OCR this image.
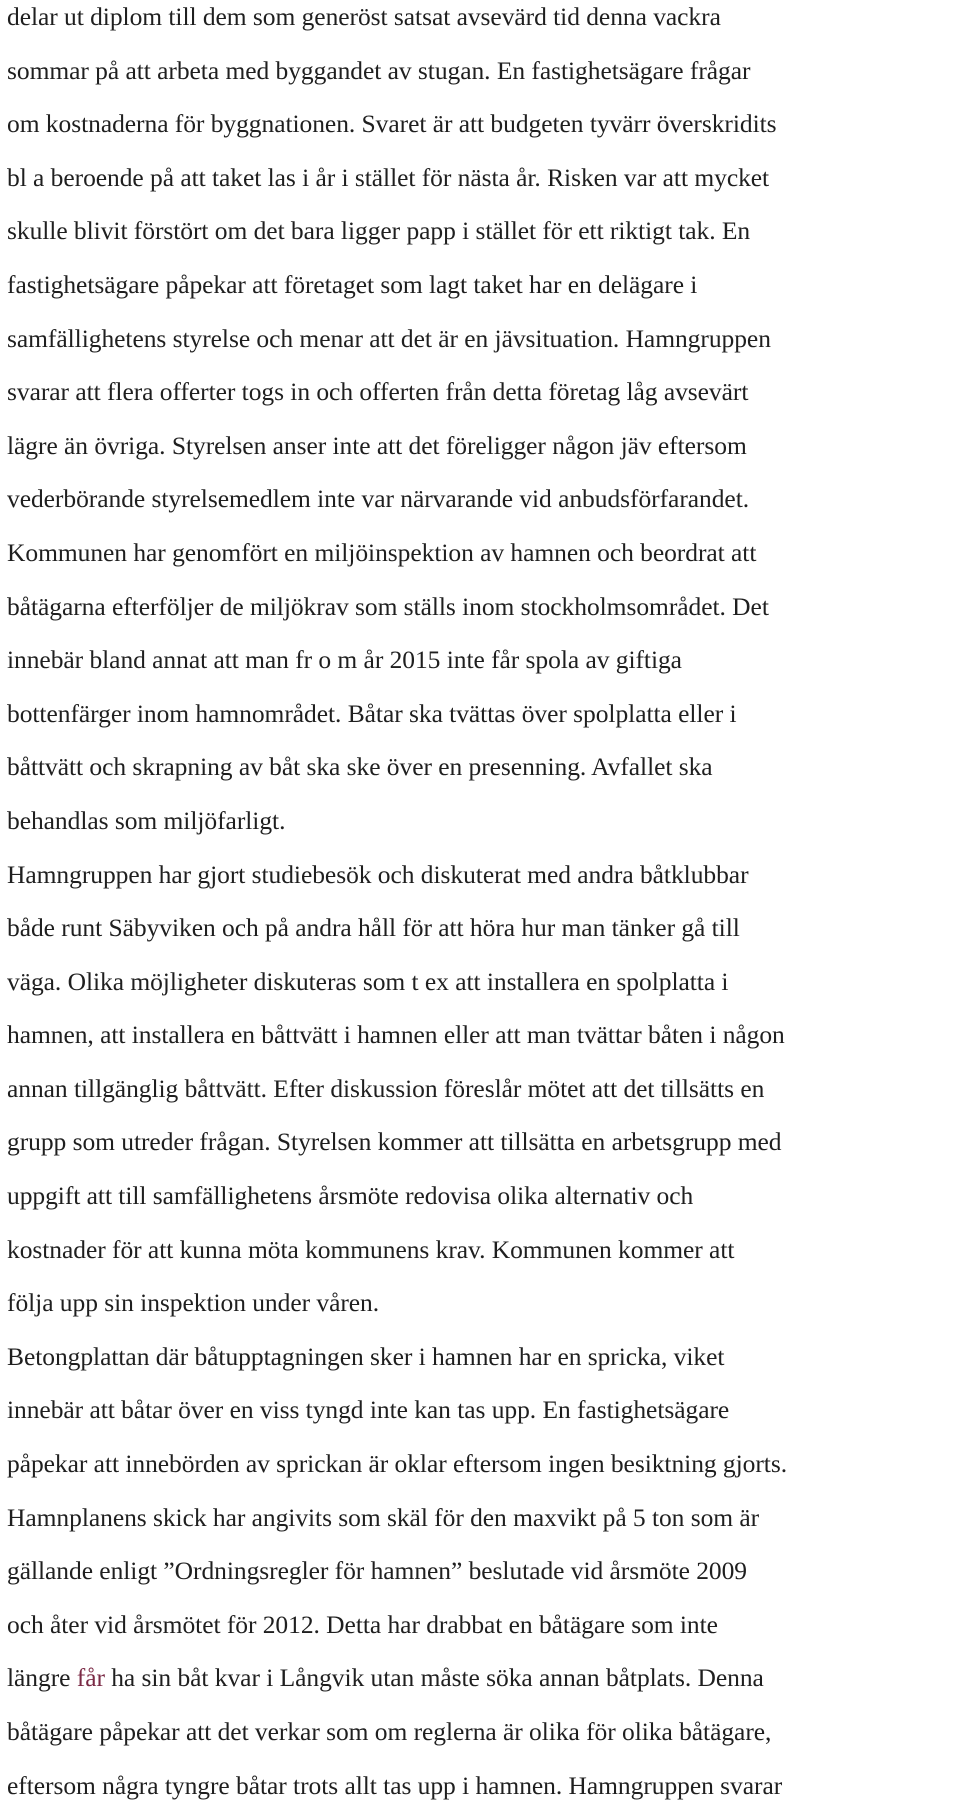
delar ut diplom till dem som generöst satsat avsevärd tid denna vackra
sommar på att arbeta med byggandet av stugan. En fastighetsägare frågar
om kostnaderna för byggnationen. Svaret är att budgeten tyvärr överskridits
bl a beroende på att taket las i år i stället för nästa år. Risken var att mycket
skulle blivit förstört om det bara ligger papp i stället för ett riktigt tak. En
fastighetsägare påpekar att företaget som lagt taket har en delägare i
samfällighetens styrelse och menar att det är en jävsituation. Hamngruppen
svarar att flera offerter togs in och offerten från detta företag låg avsevärt
lägre än övriga. Styrelsen anser inte att det föreligger någon jäv eftersom
vederbörande styrelsemedlem inte var närvarande vid anbudsförfarandet.
Kommunen har genomfört en miljöinspektion av hamnen och beordrat att
båtägarna efterföljer de miljökrav som ställs inom stockholmsområdet. Det
innebär bland annat att man fr o m år 2015 inte får spola av giftiga
bottenfärger inom hamnområdet. Båtar ska tvättas över spolplatta eller i
båttvätt och skrapning av båt ska ske över en presenning. Avfallet ska
behandlas som miljöfarligt.
Hamngruppen har gjort studiebesök och diskuterat med andra båtklubbar
både runt Säbyviken och på andra håll för att höra hur man tänker gå till
väga. Olika möjligheter diskuteras som t ex att installera en spolplatta i
hamnen, att installera en båttvätt i hamnen eller att man tvättar båten i någon
annan tillgänglig båttvätt. Efter diskussion föreslår mötet att det tillsätts en
grupp som utreder frågan. Styrelsen kommer att tillsätta en arbetsgrupp med
uppgift att till samfällighetens årsmöte redovisa olika alternativ och
kostnader för att kunna möta kommunens krav. Kommunen kommer att
följa upp sin inspektion under våren.
Betongplattan där båtupptagningen sker i hamnen har en spricka, viket
innebär att båtar över en viss tyngd inte kan tas upp. En fastighetsägare
påpekar att innebörden av sprickan är oklar eftersom ingen besiktning gjorts.
Hamnplanens skick har angivits som skäl för den maxvikt på 5 ton som är
gällande enligt ”Ordningsregler för hamnen” beslutade vid årsmöte 2009
och åter vid årsmötet för 2012. Detta har drabbat en båtägare som inte
längre får ha sin båt kvar i Långvik utan måste söka annan båtplats. Denna
båtägare påpekar att det verkar som om reglerna är olika för olika båtägare,
eftersom några tyngre båtar trots allt tas upp i hamnen. Hamngruppen svarar
